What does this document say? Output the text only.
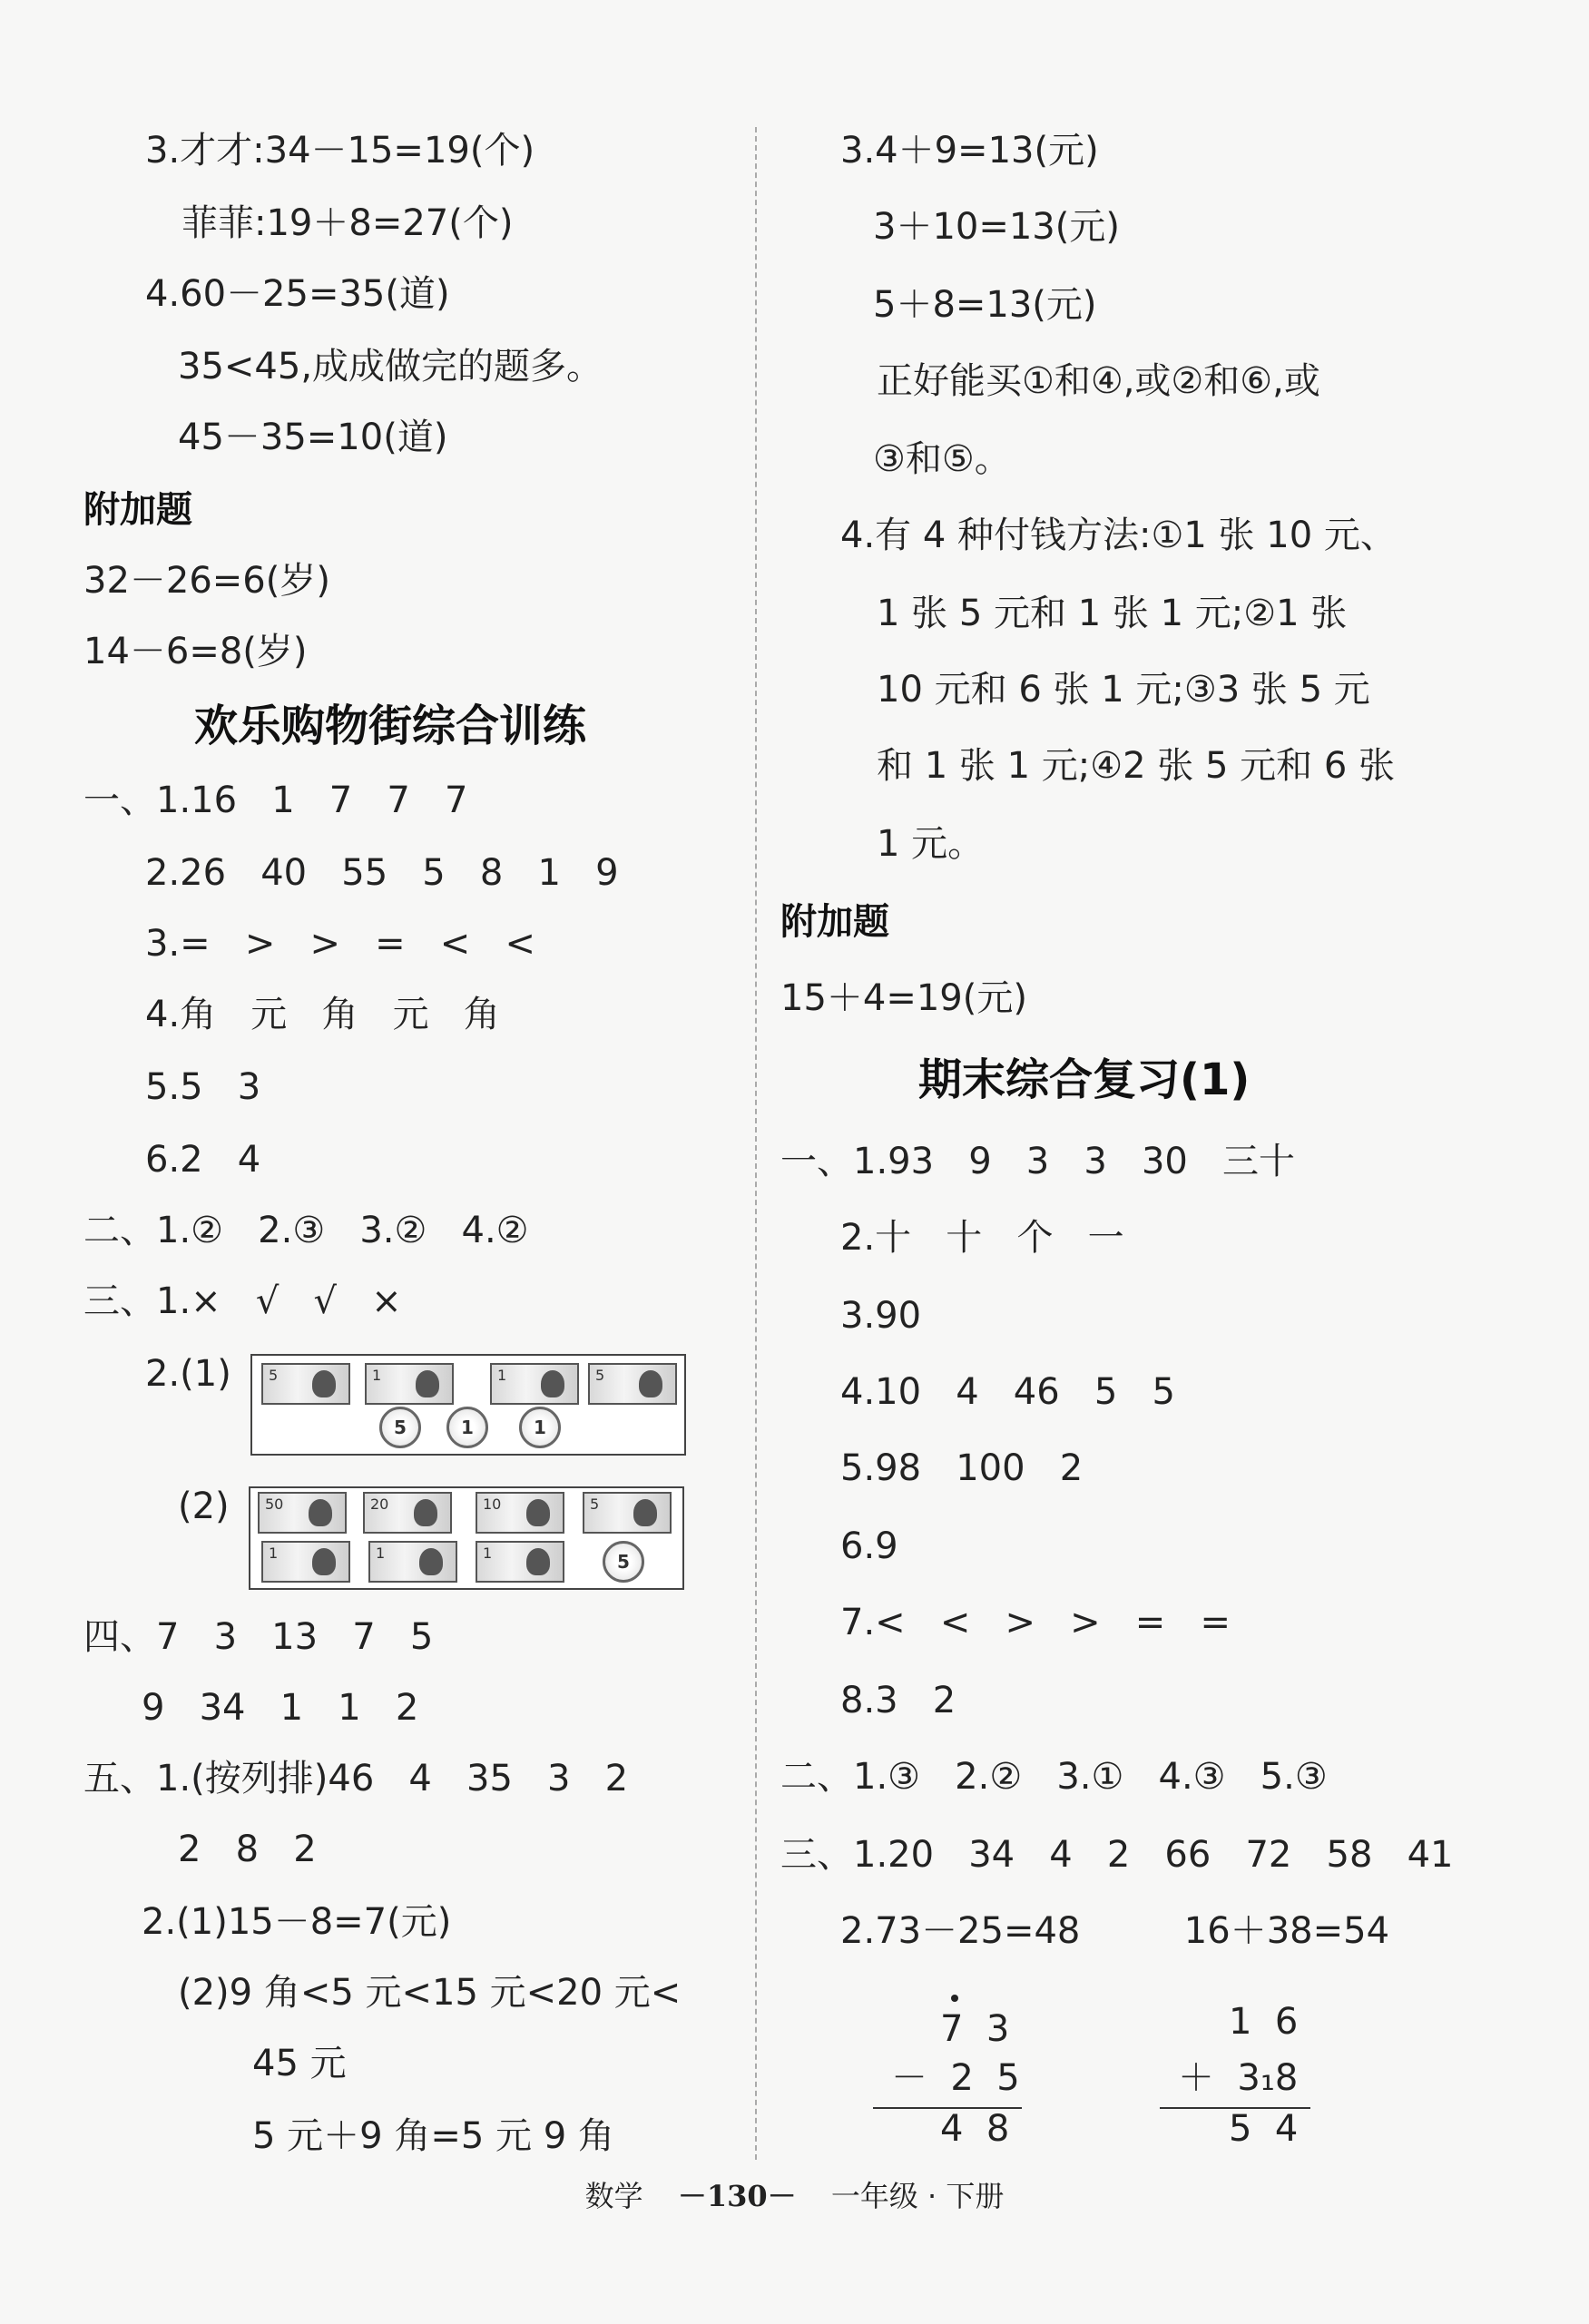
3.才才:34－15=19(个)
菲菲:19＋8=27(个)
4.60－25=35(道)
35<45,成成做完的题多。
45－35=10(道)
附加题
32－26=6(岁)
14－6=8(岁)
欢乐购物街综合训练
一、1.16   1   7   7   7
2.26   40   55   5   8   1   9
3.=   >   >   =   <   <
4.角   元   角   元   角
5.5   3
6.2   4
二、1.②   2.③   3.②   4.②
三、1.×   √   √   ×
2.(1)	5	1	1	5
5	1	1
(2) 50	20	10	5
1	1	1	5
四、7   3   13   7   5
9   34   1   1   2
五、1.(按列排)46   4   35   3   2
2   8   2
2.(1)15－8=7(元)
(2)9 角<5 元<15 元<20 元<
45 元
5 元＋9 角=5 元 9 角
3.4＋9=13(元)
3＋10=13(元)
5＋8=13(元)
正好能买①和④,或②和⑥,或
③和⑤。
4.有 4 种付钱方法:①1 张 10 元、
1 张 5 元和 1 张 1 元;②1 张
10 元和 6 张 1 元;③3 张 5 元
和 1 张 1 元;④2 张 5 元和 6 张
1 元。
附加题
15＋4=19(元)
期末综合复习(1)
一、1.93   9   3   3   30   三十
2.十   十   个   一
3.90
4.10   4   46   5   5
5.98   100   2
6.9
7.<   <   >   >   =   =
8.3   2
二、1.③   2.②   3.①   4.③   5.③
三、1.20   34   4   2   66   72   58   41
2.73－25=48         16＋38=54
7  3
－  2  5
4  8
1  6
＋  3₁8
5  4
数学 －130－ 一年级 · 下册
